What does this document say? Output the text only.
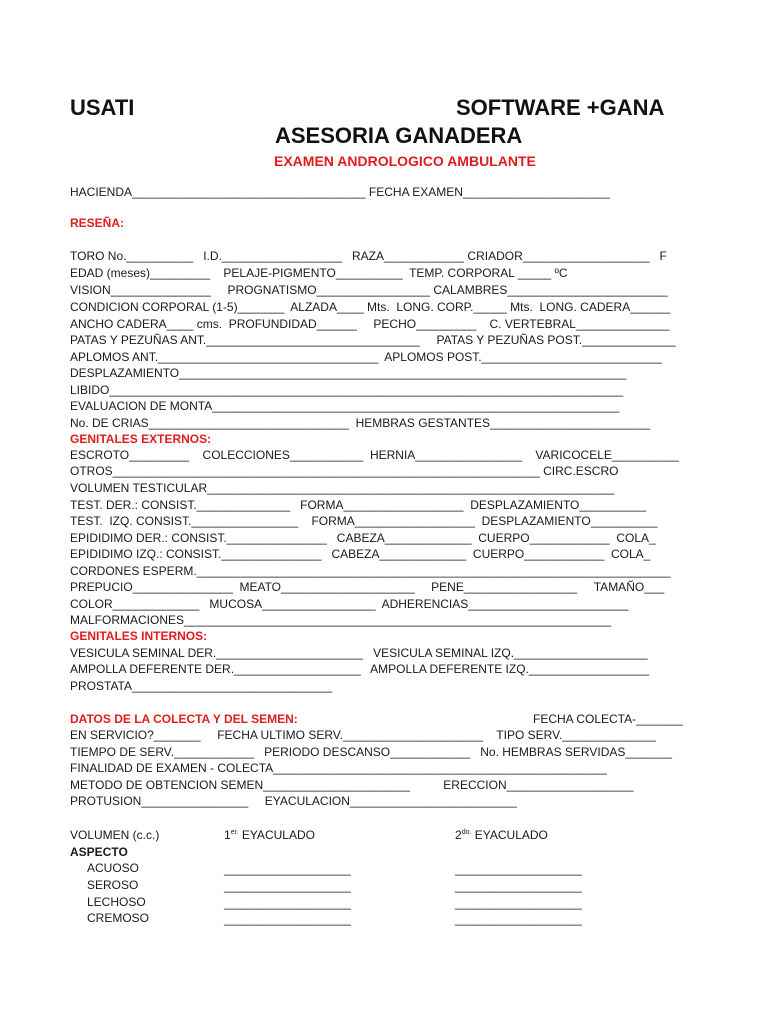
USATI	SOFTWARE +GANA
ASESORIA GANADERA
EXAMEN ANDROLOGICO AMBULANTE
HACIENDA___________________________________ FECHA EXAMEN______________________
RESEÑA:
TORO No.__________   I.D.__________________   RAZA____________ CRIADOR___________________   F
EDAD (meses)_________    PELAJE-PIGMENTO__________  TEMP. CORPORAL _____ ºC
VISION_______________     PROGNATISMO_________________ CALAMBRES________________________
CONDICION CORPORAL (1-5)_______  ALZADA____ Mts.  LONG. CORP._____ Mts.  LONG. CADERA______
ANCHO CADERA____ cms.  PROFUNDIDAD______     PECHO_________    C. VERTEBRAL______________
PATAS Y PEZUÑAS ANT.________________________________     PATAS Y PEZUÑAS POST.______________
APLOMOS ANT._________________________________  APLOMOS POST.___________________________
DESPLAZAMIENTO___________________________________________________________________
LIBIDO_____________________________________________________________________________
EVALUACION DE MONTA_____________________________________________________________
No. DE CRIAS______________________________  HEMBRAS GESTANTES________________________
GENITALES EXTERNOS:
ESCROTO_________    COLECCIONES___________  HERNIA________________    VARICOCELE__________
OTROS________________________________________________________________ CIRC.ESCRO
VOLUMEN TESTICULAR_____________________________________________________________
TEST. DER.: CONSIST.______________   FORMA__________________  DESPLAZAMIENTO__________
TEST.  IZQ. CONSIST.________________    FORMA__________________  DESPLAZAMIENTO__________
EPIDIDIMO DER.: CONSIST._______________   CABEZA_____________  CUERPO____________  COLA_
EPIDIDIMO IZQ.: CONSIST._______________   CABEZA_____________  CUERPO____________  COLA_
CORDONES ESPERM._______________________________________________________________________
PREPUCIO_______________  MEATO____________________     PENE_________________     TAMAÑO___
COLOR_____________   MUCOSA_________________  ADHERENCIAS________________________
MALFORMACIONES________________________________________________________________
GENITALES INTERNOS:
VESICULA SEMINAL DER.______________________   VESICULA SEMINAL IZQ.____________________
AMPOLLA DEFERENTE DER.___________________   AMPOLLA DEFERENTE IZQ.__________________
PROSTATA______________________________
DATOS DE LA COLECTA Y DEL SEMEN:	FECHA COLECTA-_______
EN SERVICIO?_______     FECHA ULTIMO SERV._____________________    TIPO SERV.______________
TIEMPO DE SERV.____________   PERIODO DESCANSO____________   No. HEMBRAS SERVIDAS_______
FINALIDAD DE EXAMEN - COLECTA__________________________________________________
METODO DE OBTENCION SEMEN______________________          ERECCION___________________
PROTUSION________________     EYACULACION_________________________
VOLUMEN (c.c.)	$1^{er.}$ EYACULADO	$2^{do.}$ EYACULADO
ASPECTO
ACUOSO	___________________	___________________
SEROSO	___________________	___________________
LECHOSO	___________________	___________________
CREMOSO	___________________	___________________
